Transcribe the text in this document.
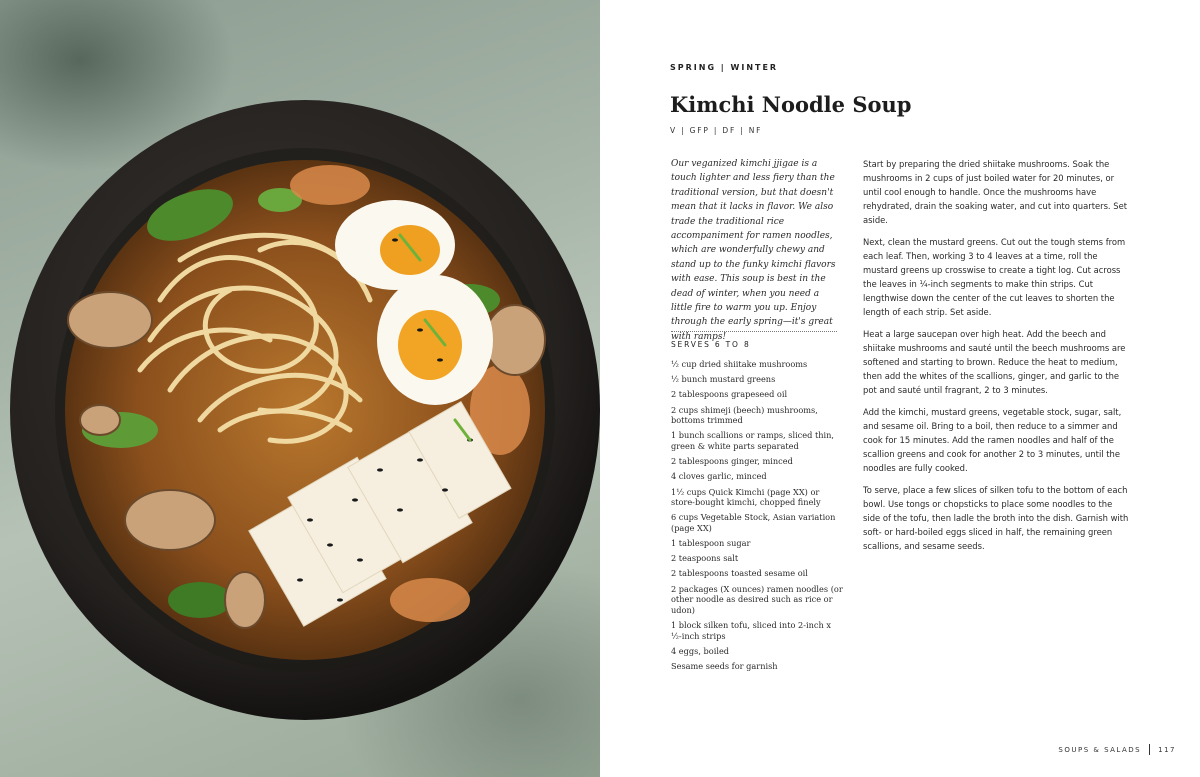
SPRING | WINTER
Kimchi Noodle Soup
V | GFP | DF | NF

Our veganized kimchi jjigae is a touch lighter and less fiery than the traditional version, but that doesn't mean that it lacks in flavor. We also trade the traditional rice accompaniment for ramen noodles, which are wonderfully chewy and stand up to the funky kimchi flavors with ease. This soup is best in the dead of winter, when you need a little fire to warm you up. Enjoy through the early spring—it's great with ramps!

SERVES 6 TO 8
½ cup dried shiitake mushrooms
½ bunch mustard greens
2 tablespoons grapeseed oil
2 cups shimeji (beech) mushrooms, bottoms trimmed
1 bunch scallions or ramps, sliced thin, green & white parts separated
2 tablespoons ginger, minced
4 cloves garlic, minced
1½ cups Quick Kimchi (page XX) or store-bought kimchi, chopped finely
6 cups Vegetable Stock, Asian variation (page XX)
1 tablespoon sugar
2 teaspoons salt
2 tablespoons toasted sesame oil
2 packages (X ounces) ramen noodles (or other noodle as desired such as rice or udon)
1 block silken tofu, sliced into 2-inch x ½-inch strips
4 eggs, boiled
Sesame seeds for garnish

Start by preparing the dried shiitake mushrooms. Soak the mushrooms in 2 cups of just boiled water for 20 minutes, or until cool enough to handle. Once the mushrooms have rehydrated, drain the soaking water, and cut into quarters. Set aside.

Next, clean the mustard greens. Cut out the tough stems from each leaf. Then, working 3 to 4 leaves at a time, roll the mustard greens up crosswise to create a tight log. Cut across the leaves in ¼-inch segments to make thin strips. Cut lengthwise down the center of the cut leaves to shorten the length of each strip. Set aside.

Heat a large saucepan over high heat. Add the beech and shiitake mushrooms and sauté until the beech mushrooms are softened and starting to brown. Reduce the heat to medium, then add the whites of the scallions, ginger, and garlic to the pot and sauté until fragrant, 2 to 3 minutes.

Add the kimchi, mustard greens, vegetable stock, sugar, salt, and sesame oil. Bring to a boil, then reduce to a simmer and cook for 15 minutes. Add the ramen noodles and half of the scallion greens and cook for another 2 to 3 minutes, until the noodles are fully cooked.

To serve, place a few slices of silken tofu to the bottom of each bowl. Use tongs or chopsticks to place some noodles to the side of the tofu, then ladle the broth into the dish. Garnish with soft- or hard-boiled eggs sliced in half, the remaining green scallions, and sesame seeds.

SOUPS & SALADS 117
